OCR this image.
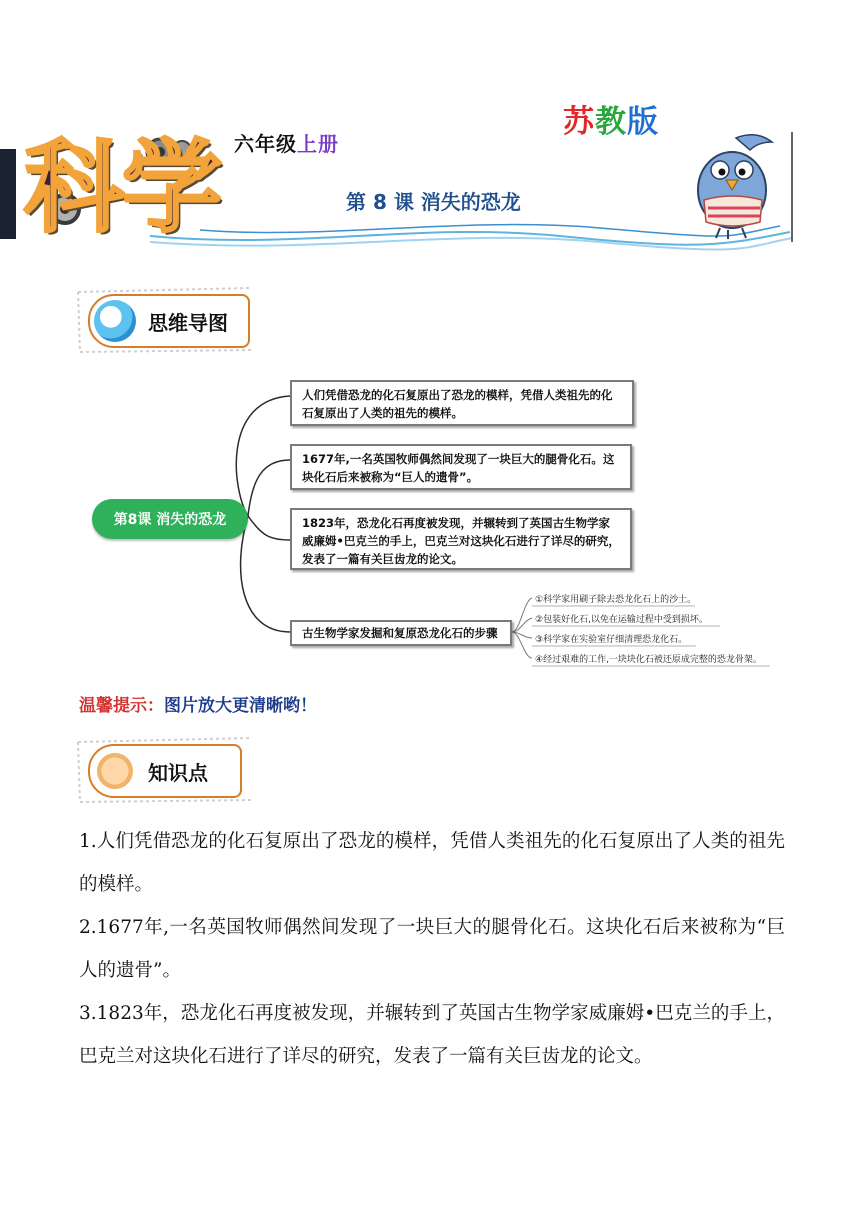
科学 六年级上册
苏教版
第 8 课 消失的恐龙
思维导图
第8课 消失的恐龙
人们凭借恐龙的化石复原出了恐龙的模样，凭借人类祖先的化石复原出了人类的祖先的模样。
1677年,一名英国牧师偶然间发现了一块巨大的腿骨化石。这块化石后来被称为“巨人的遗骨”。
1823年，恐龙化石再度被发现，并辗转到了英国古生物学家威廉姆•巴克兰的手上，巴克兰对这块化石进行了详尽的研究，发表了一篇有关巨齿龙的论文。
古生物学家发掘和复原恐龙化石的步骤
①科学家用刷子除去恐龙化石上的沙土。
②包装好化石,以免在运输过程中受到损坏。
③科学家在实验室仔细清理恐龙化石。
④经过艰难的工作,一块块化石被还原成完整的恐龙骨架。
温馨提示：图片放大更清晰哟！
知识点
1.人们凭借恐龙的化石复原出了恐龙的模样，凭借人类祖先的化石复原出了人类的祖先的模样。
2.1677年,一名英国牧师偶然间发现了一块巨大的腿骨化石。这块化石后来被称为“巨人的遗骨”。
3.1823年，恐龙化石再度被发现，并辗转到了英国古生物学家威廉姆•巴克兰的手上，巴克兰对这块化石进行了详尽的研究，发表了一篇有关巨齿龙的论文。
